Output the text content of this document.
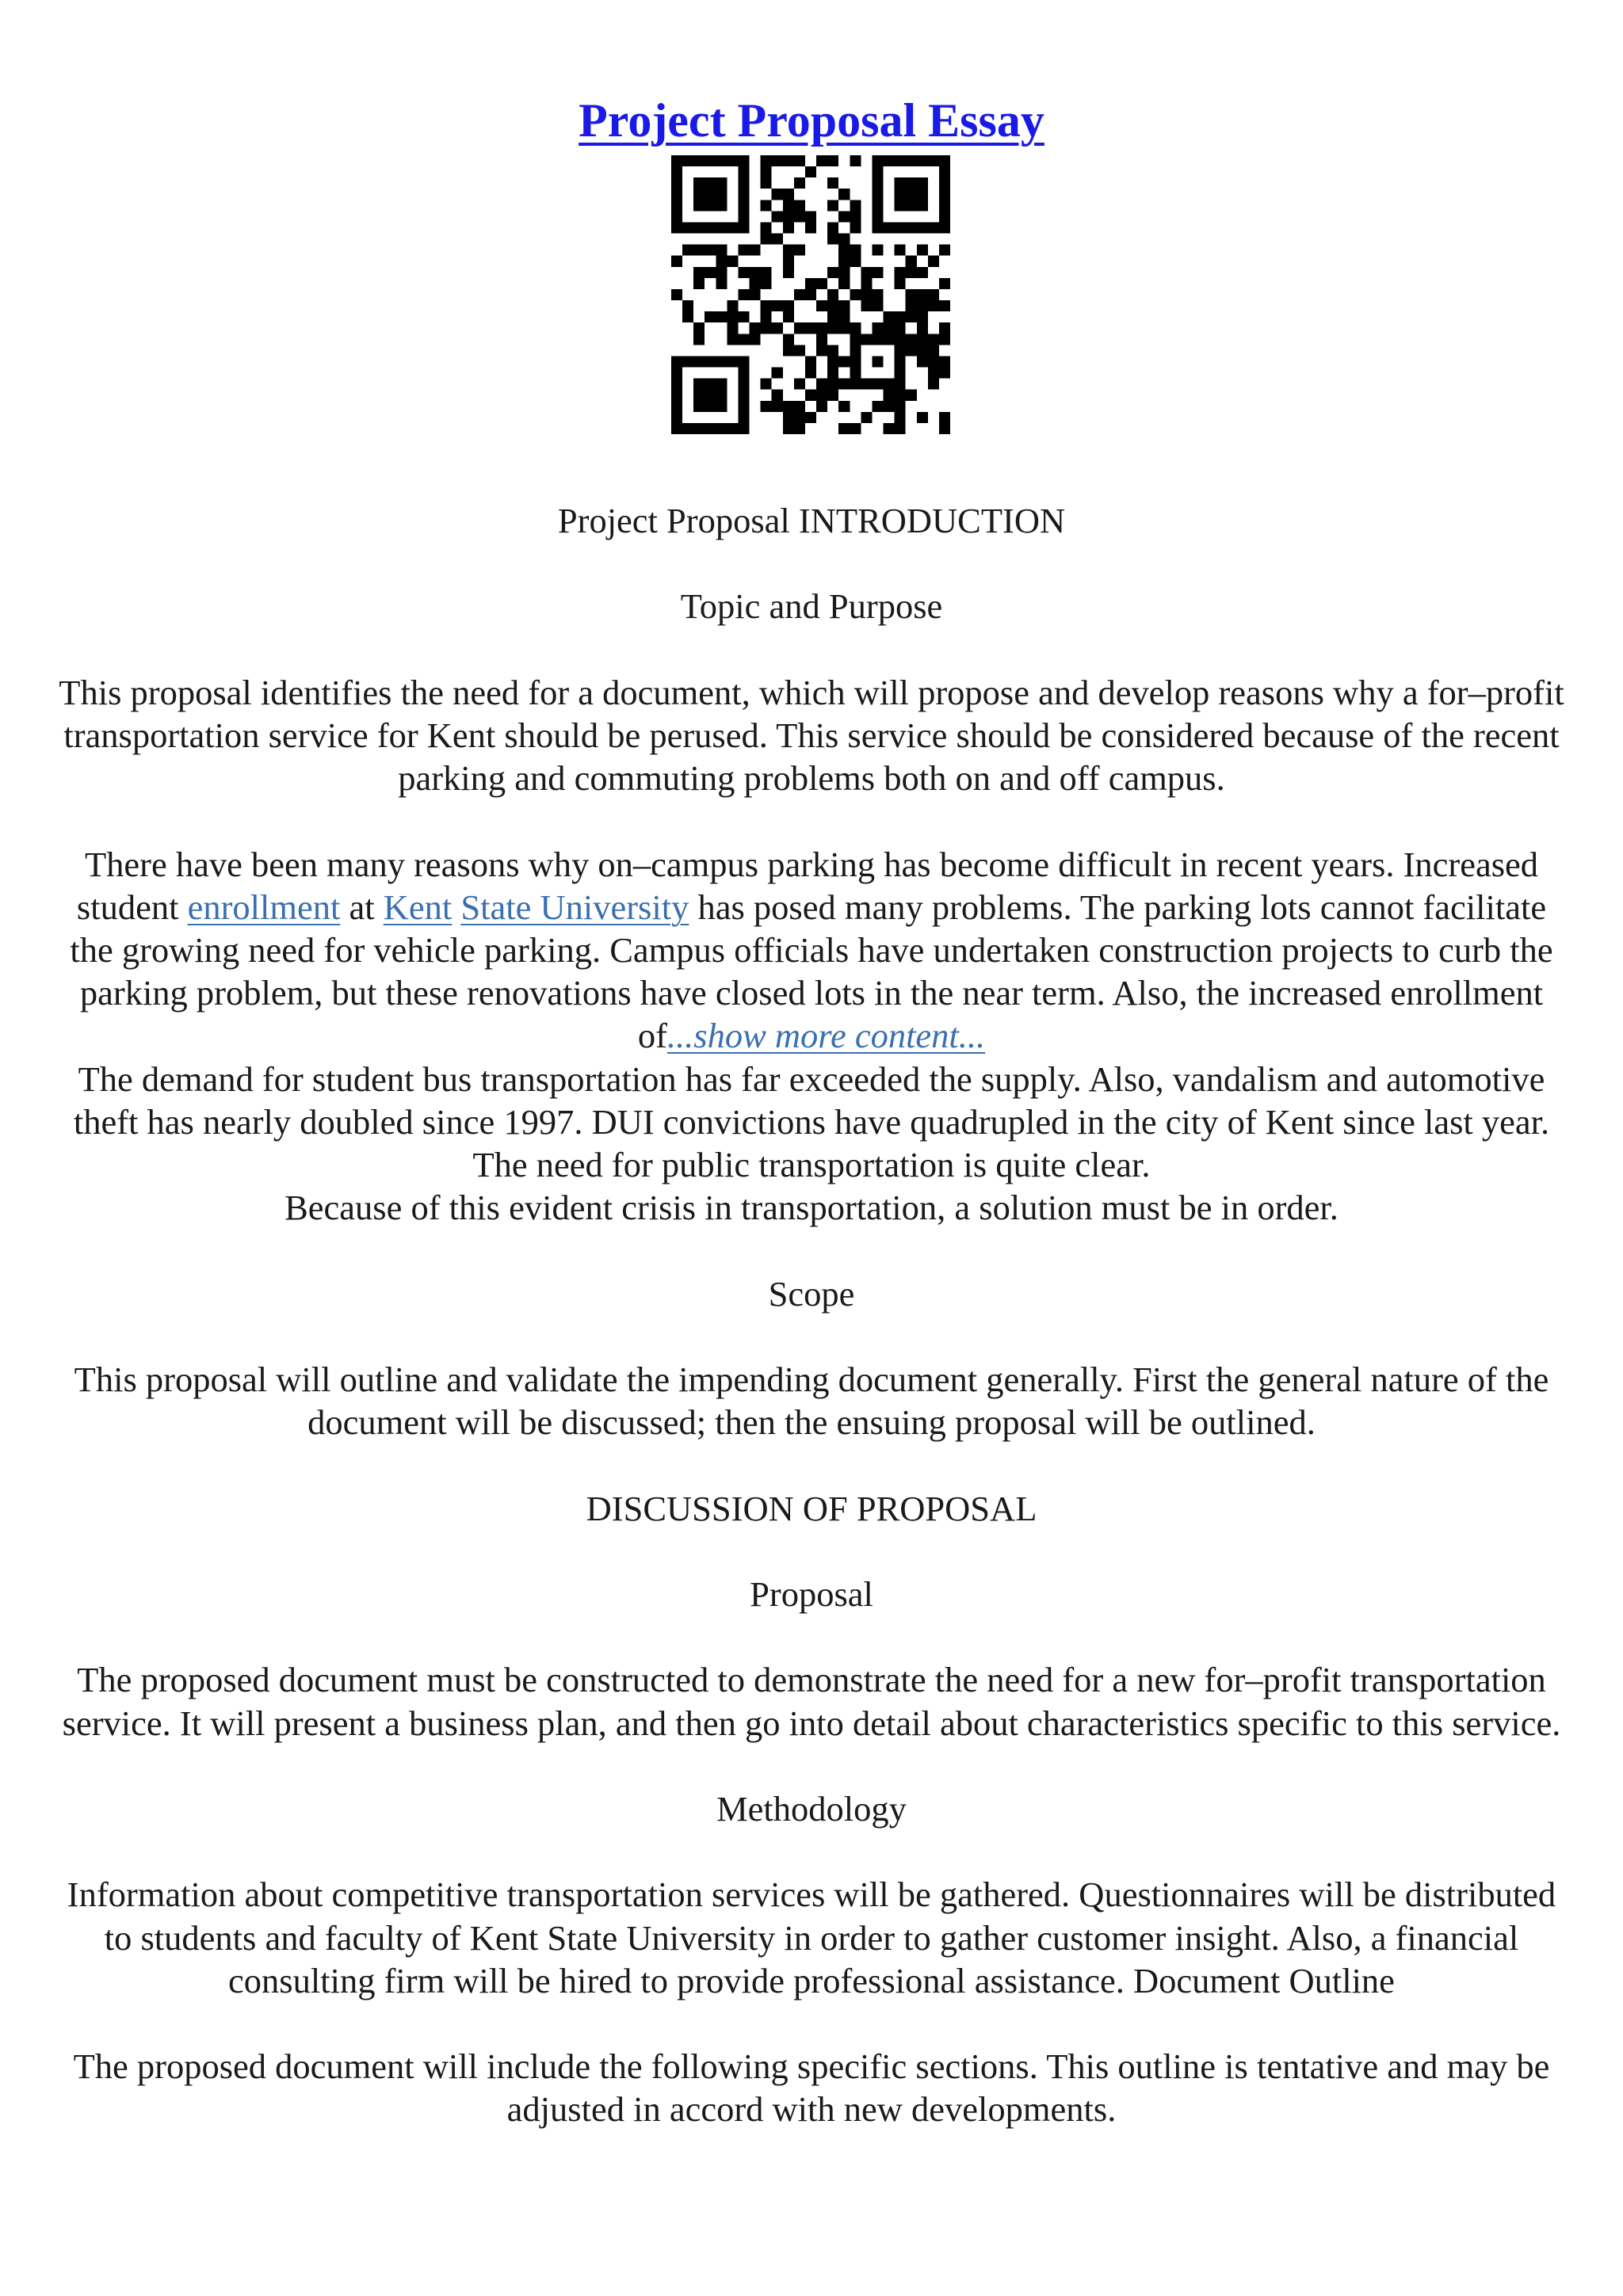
Project Proposal Essay

Project Proposal INTRODUCTION

Topic and Purpose

This proposal identifies the need for a document, which will propose and develop reasons why a for–profit transportation service for Kent should be perused. This service should be considered because of the recent parking and commuting problems both on and off campus.

There have been many reasons why on–campus parking has become difficult in recent years. Increased student enrollment at Kent State University has posed many problems. The parking lots cannot facilitate the growing need for vehicle parking. Campus officials have undertaken construction projects to curb the parking problem, but these renovations have closed lots in the near term. Also, the increased enrollment of...show more content...

The demand for student bus transportation has far exceeded the supply. Also, vandalism and automotive theft has nearly doubled since 1997. DUI convictions have quadrupled in the city of Kent since last year. The need for public transportation is quite clear.

Because of this evident crisis in transportation, a solution must be in order.

Scope

This proposal will outline and validate the impending document generally. First the general nature of the document will be discussed; then the ensuing proposal will be outlined.

DISCUSSION OF PROPOSAL

Proposal

The proposed document must be constructed to demonstrate the need for a new for–profit transportation service. It will present a business plan, and then go into detail about characteristics specific to this service.

Methodology

Information about competitive transportation services will be gathered. Questionnaires will be distributed to students and faculty of Kent State University in order to gather customer insight. Also, a financial consulting firm will be hired to provide professional assistance. Document Outline

The proposed document will include the following specific sections. This outline is tentative and may be adjusted in accord with new developments.
